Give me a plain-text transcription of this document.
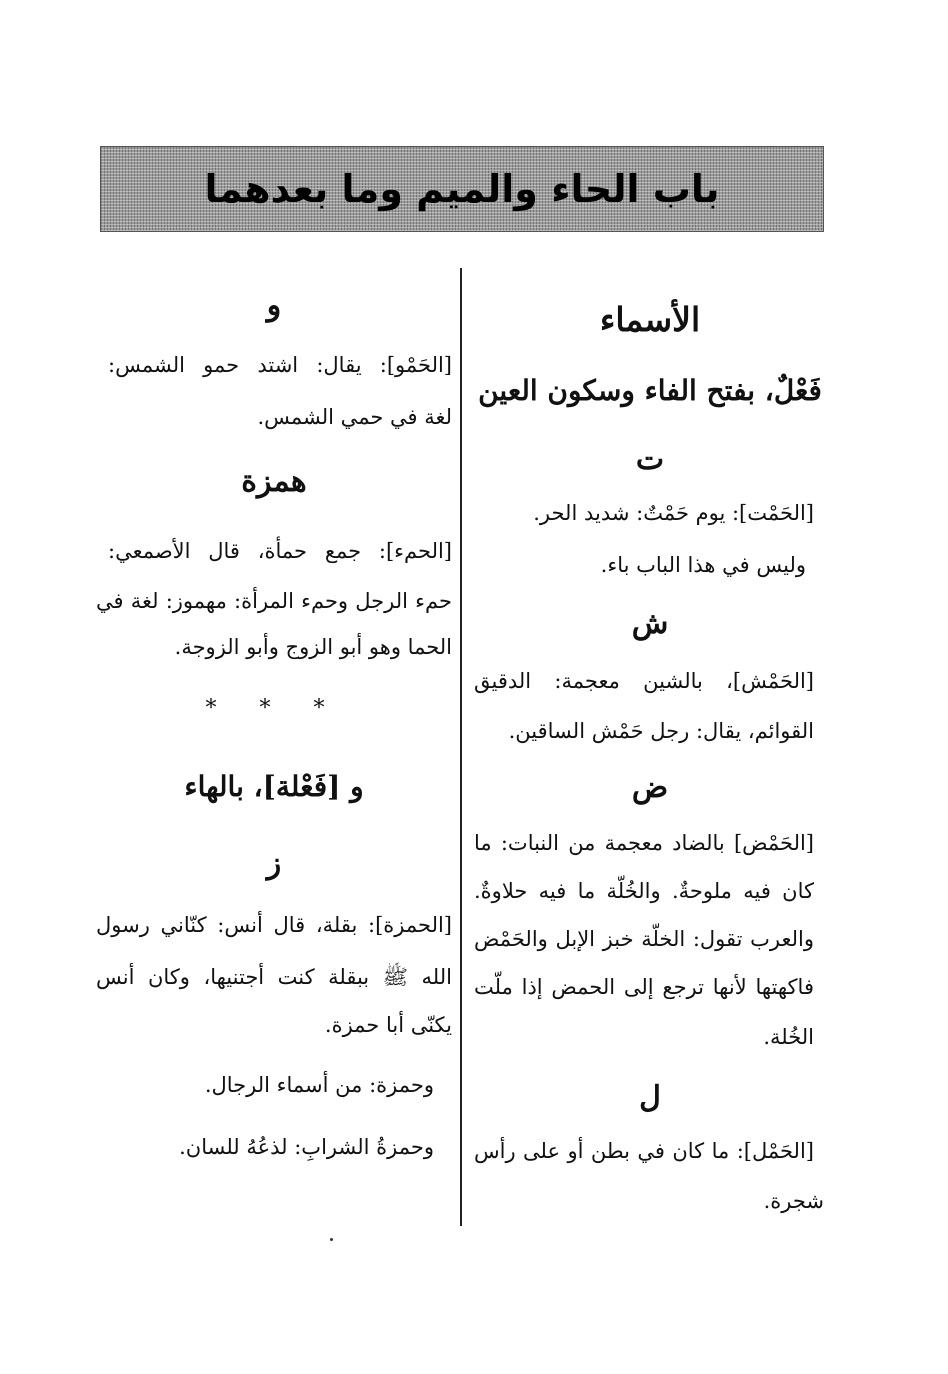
باب الحاء والميم وما بعدهما
الأسماء
فَعْلٌ، بفتح الفاء وسكون العين
ت
[الحَمْت]: يوم حَمْتٌ: شديد الحر.
وليس في هذا الباب باء.
ش
[الحَمْش]، بالشين معجمة: الدقيق
القوائم، يقال: رجل حَمْش الساقين.
ض
[الحَمْض] بالضاد معجمة من النبات: ما
كان فيه ملوحةٌ. والخُلّة ما فيه حلاوةٌ.
والعرب تقول: الخلّة خبز الإبل والحَمْض
فاكهتها لأنها ترجع إلى الحمض إذا ملّت
الخُلة.
ل
[الحَمْل]: ما كان في بطن أو على رأس
شجرة.
و
[الحَمْو]: يقال: اشتد حمو الشمس:
لغة في حمي الشمس.
همزة
[الحمء]: جمع حمأة، قال الأصمعي:
حمء الرجل وحمء المرأة: مهموز: لغة في
الحما وهو أبو الزوج وأبو الزوجة.
* * *
و [فَعْلة]، بالهاء
ز
[الحمزة]: بقلة، قال أنس: كنّاني رسول
الله ﷺ ببقلة كنت أجتنيها، وكان أنس
يكنّى أبا حمزة.
وحمزة: من أسماء الرجال.
وحمزةُ الشرابِ: لذعُهُ للسان.
